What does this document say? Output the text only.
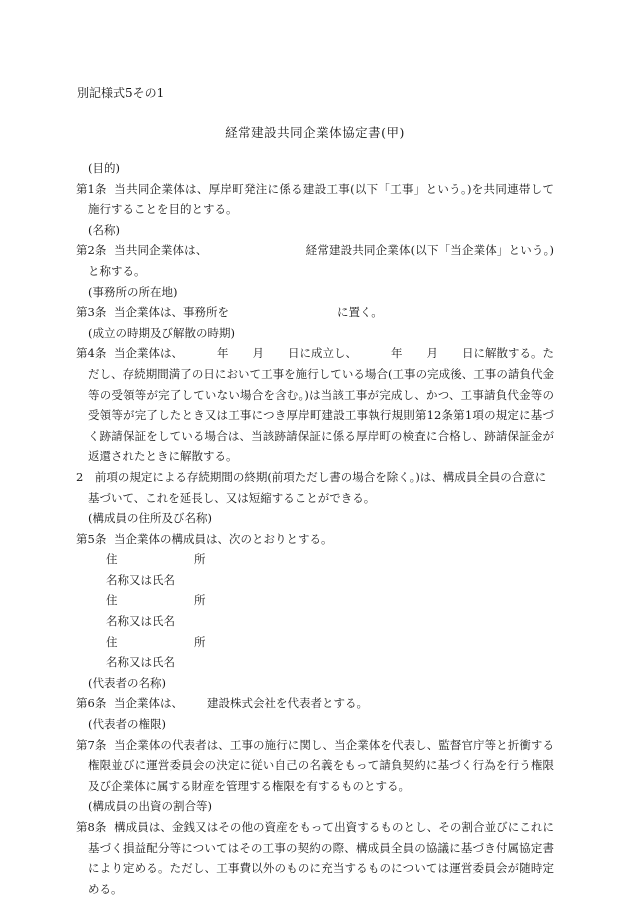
別記様式5その1
経常建設共同企業体協定書(甲)
(目的)
第1条 当共同企業体は、厚岸町発注に係る建設工事(以下「工事」という。)を共同連帯して施行することを目的とする。
(名称)
第2条 当共同企業体は、	経常建設共同企業体(以下「当企業体」という。)と称する。
(事務所の所在地)
第3条 当企業体は、事務所を	に置く。
(成立の時期及び解散の時期)
第4条 当企業体は、	年 月 日に成立し、	年 月 日に解散する。ただし、存続期間満了の日において工事を施行している場合(工事の完成後、工事の請負代金等の受領等が完了していない場合を含む。)は当該工事が完成し、かつ、工事請負代金等の受領等が完了したとき又は工事につき厚岸町建設工事執行規則第12条第1項の規定に基づく跡請保証をしている場合は、当該跡請保証に係る厚岸町の検査に合格し、跡請保証金が返還されたときに解散する。
2　前項の規定による存続期間の終期(前項ただし書の場合を除く。)は、構成員全員の合意に基づいて、これを延長し、又は短縮することができる。
(構成員の住所及び名称)
第5条 当企業体の構成員は、次のとおりとする。
住	所
名称又は氏名
住	所
名称又は氏名
住	所
名称又は氏名
(代表者の名称)
第6条 当企業体は、 建設株式会社を代表者とする。
(代表者の権限)
第7条 当企業体の代表者は、工事の施行に関し、当企業体を代表し、監督官庁等と折衝する権限並びに運営委員会の決定に従い自己の名義をもって請負契約に基づく行為を行う権限及び企業体に属する財産を管理する権限を有するものとする。
(構成員の出資の割合等)
第8条 構成員は、金銭又はその他の資産をもって出資するものとし、その割合並びにこれに基づく損益配分等についてはその工事の契約の際、構成員全員の協議に基づき付属協定書により定める。ただし、工事費以外のものに充当するものについては運営委員会が随時定める。
